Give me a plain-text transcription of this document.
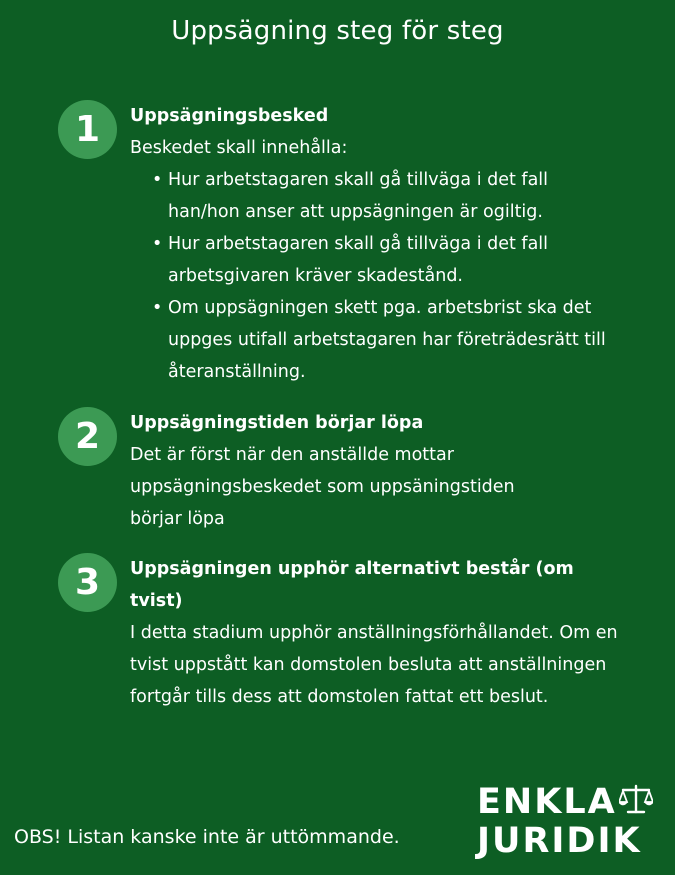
Uppsägning steg för steg
1	Uppsägningsbesked
Beskedet skall innehålla:
• Hur arbetstagaren skall gå tillväga i det fall han/hon anser att uppsägningen är ogiltig.
• Hur arbetstagaren skall gå tillväga i det fall arbetsgivaren kräver skadestånd.
• Om uppsägningen skett pga. arbetsbrist ska det uppges utifall arbetstagaren har företrädesrätt till återanställning.
2	Uppsägningstiden börjar löpa
Det är först när den anställde mottar uppsägningsbeskedet som uppsäningstiden börjar löpa
3	Uppsägningen upphör alternativt består (om tvist)
I detta stadium upphör anställningsförhållandet. Om en tvist uppstått kan domstolen besluta att anställningen fortgår tills dess att domstolen fattat ett beslut.
OBS! Listan kanske inte är uttömmande.
ENKLA
JURIDIK
